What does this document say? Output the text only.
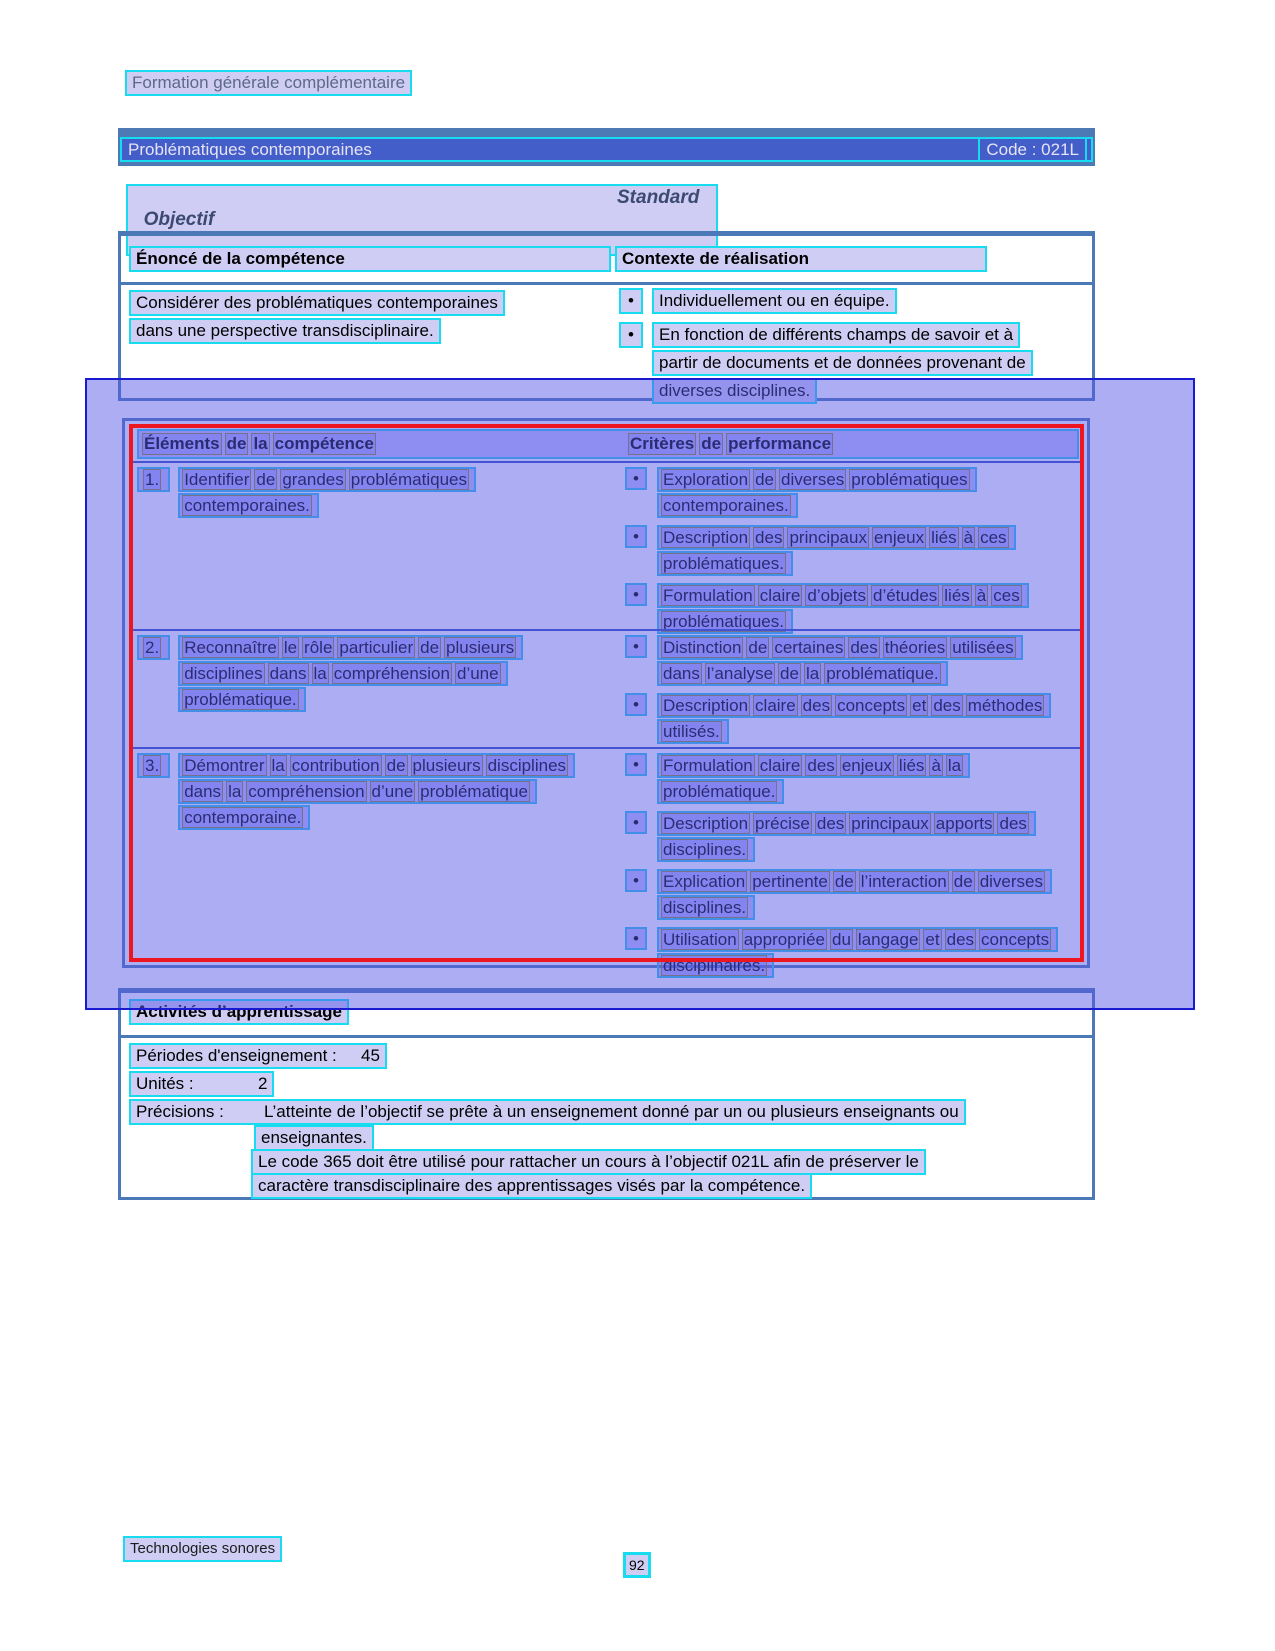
Formation générale complémentaire
Problématiques contemporaines	Code : 021L

Objectif

Standard

Énoncé de la compétence	Contexte de réalisation
Considérer des problématiques contemporaines
dans une perspective transdisciplinaire.
•	Individuellement ou en équipe.
•	En fonction de différents champs de savoir et à
partir de documents et de données provenant de
diverses disciplines.
Éléments de la compétence	Critères de performance
1.	Identifier de grandes problématiques
contemporaines.
•	Exploration de diverses problématiques
contemporaines.
•	Description des principaux enjeux liés à ces
problématiques.
•	Formulation claire d’objets d’études liés à ces
problématiques.
2.	Reconnaître le rôle particulier de plusieurs
disciplines dans la compréhension d’une
problématique.
•	Distinction de certaines des théories utilisées
dans l’analyse de la problématique.
•	Description claire des concepts et des méthodes
utilisés.
3.	Démontrer la contribution de plusieurs disciplines
dans la compréhension d’une problématique
contemporaine.
•	Formulation claire des enjeux liés à la
problématique.
•	Description précise des principaux apports des
disciplines.
•	Explication pertinente de l’interaction de diverses
disciplines.
•	Utilisation appropriée du langage et des concepts
disciplinaires.
Activités d’apprentissage
Périodes d'enseignement : 45
Unités :	2
Précisions : L’atteinte de l’objectif se prête à un enseignement donné par un ou plusieurs enseignants ou
enseignantes.
Le code 365 doit être utilisé pour rattacher un cours à l’objectif 021L afin de préserver le
caractère transdisciplinaire des apprentissages visés par la compétence.
Technologies sonores
92
